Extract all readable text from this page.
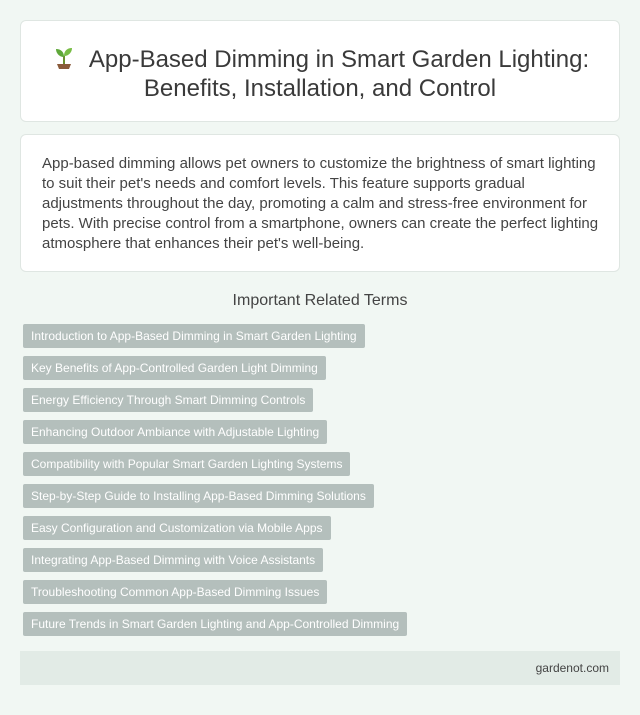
App-Based Dimming in Smart Garden Lighting:
Benefits, Installation, and Control

App-based dimming allows pet owners to customize the brightness of smart lighting to suit their pet's needs and comfort levels. This feature supports gradual adjustments throughout the day, promoting a calm and stress-free environment for pets. With precise control from a smartphone, owners can create the perfect lighting atmosphere that enhances their pet's well-being.

Important Related Terms
Introduction to App-Based Dimming in Smart Garden Lighting
Key Benefits of App-Controlled Garden Light Dimming
Energy Efficiency Through Smart Dimming Controls
Enhancing Outdoor Ambiance with Adjustable Lighting
Compatibility with Popular Smart Garden Lighting Systems
Step-by-Step Guide to Installing App-Based Dimming Solutions
Easy Configuration and Customization via Mobile Apps
Integrating App-Based Dimming with Voice Assistants
Troubleshooting Common App-Based Dimming Issues
Future Trends in Smart Garden Lighting and App-Controlled Dimming
gardenot.com
